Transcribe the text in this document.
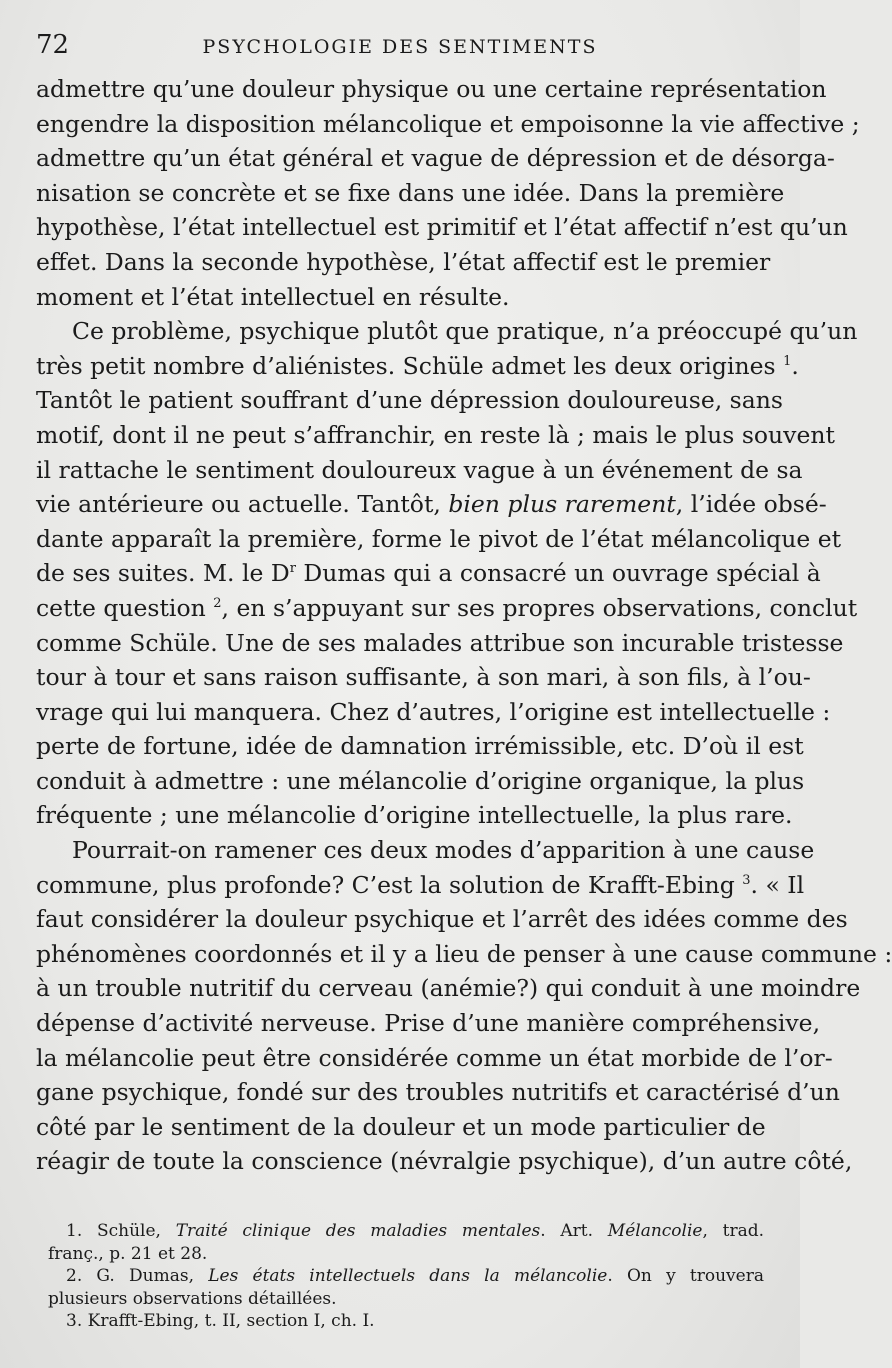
72	PSYCHOLOGIE DES SENTIMENTS
admettre qu’une douleur physique ou une certaine représentation
engendre la disposition mélancolique et empoisonne la vie affective ;
admettre qu’un état général et vague de dépression et de désorga-
nisation se concrète et se fixe dans une idée. Dans la première
hypothèse, l’état intellectuel est primitif et l’état affectif n’est qu’un
effet. Dans la seconde hypothèse, l’état affectif est le premier
moment et l’état intellectuel en résulte.
Ce problème, psychique plutôt que pratique, n’a préoccupé qu’un
très petit nombre d’aliénistes. Schüle admet les deux origines $^1$.
Tantôt le patient souffrant d’une dépression douloureuse, sans
motif, dont il ne peut s’affranchir, en reste là ; mais le plus souvent
il rattache le sentiment douloureux vague à un événement de sa
vie antérieure ou actuelle. Tantôt, bien plus rarement, l’idée obsé-
dante apparaît la première, forme le pivot de l’état mélancolique et
de ses suites. M. le $D^r$ Dumas qui a consacré un ouvrage spécial à
cette question $^2$, en s’appuyant sur ses propres observations, conclut
comme Schüle. Une de ses malades attribue son incurable tristesse
tour à tour et sans raison suffisante, à son mari, à son fils, à l’ou-
vrage qui lui manquera. Chez d’autres, l’origine est intellectuelle :
perte de fortune, idée de damnation irrémissible, etc. D’où il est
conduit à admettre : une mélancolie d’origine organique, la plus
fréquente ; une mélancolie d’origine intellectuelle, la plus rare.
Pourrait-on ramener ces deux modes d’apparition à une cause
commune, plus profonde? C’est la solution de Krafft-Ebing $^3$. « Il
faut considérer la douleur psychique et l’arrêt des idées comme des
phénomènes coordonnés et il y a lieu de penser à une cause commune :
à un trouble nutritif du cerveau (anémie?) qui conduit à une moindre
dépense d’activité nerveuse. Prise d’une manière compréhensive,
la mélancolie peut être considérée comme un état morbide de l’or-
gane psychique, fondé sur des troubles nutritifs et caractérisé d’un
côté par le sentiment de la douleur et un mode particulier de
réagir de toute la conscience (névralgie psychique), d’un autre côté,
1. Schüle, Traité clinique des maladies mentales. Art. Mélancolie, trad.
franç., p. 21 et 28.
2. G. Dumas, Les états intellectuels dans la mélancolie. On y trouvera
plusieurs observations détaillées.
3. Krafft-Ebing, t. II, section I, ch. I.
